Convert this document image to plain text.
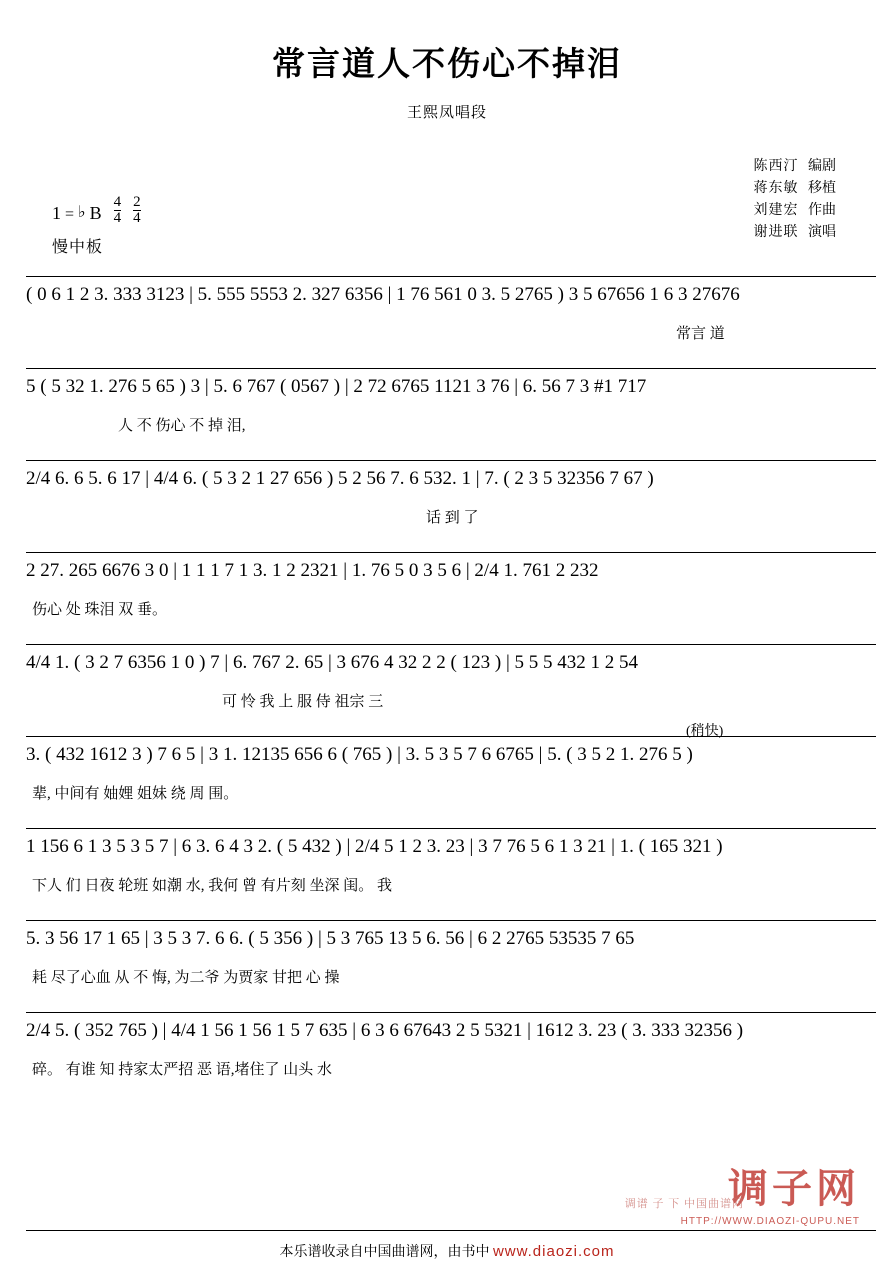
常言道人不伤心不掉泪
王熙凤唱段
陈西汀 编剧
蒋东敏 移植
刘建宏 作曲
谢进联 演唱
1 = ♭ B $\frac{4}{4} \frac{2}{4}$
慢中板
( 0 6 1 2 3. 333 3123 | 5. 555 5553 2. 327 6356 | 1 76 561 0 3. 5 2765 ) 3 5 67656 1 6 3 27676
常言 道
5 ( 5 32 1. 276 5 65 ) 3 | 5. 6 767 ( 0567 ) | 2 72 6765 1121 3 76 | 6. 56 7 3 #1 717
人 不 伤心 不 掉 泪,
2/4 6. 6 5. 6 17 | 4/4 6. ( 5 3 2 1 27 656 ) 5 2 56 7. 6 532. 1 | 7. ( 2 3 5 32356 7 67 )
话 到 了
2 27. 265 6676 3 0 | 1 1 1 7 1 3. 1 2 2321 | 1. 76 5 0 3 5 6 | 2/4 1. 761 2 232
伤心 处 珠泪 双 垂。
4/4 1. ( 3 2 7 6356 1 0 ) 7 | 6. 767 2. 65 | 3 676 4 32 2 2 ( 123 ) | 5 5 5 432 1 2 54
可 怜 我 上 服 侍 祖宗 三
(稍快)
3. ( 432 1612 3 ) 7 6 5 | 3 1. 12135 656 6 ( 765 ) | 3. 5 3 5 7 6 6765 | 5. ( 3 5 2 1. 276 5 )
辈, 中间有 妯娌 姐妹 绕 周 围。
1 156 6 1 3 5 3 5 7 | 6 3. 6 4 3 2. ( 5 432 ) | 2/4 5 1 2 3. 23 | 3 7 76 5 6 1 3 21 | 1. ( 165 321 )
下人 们 日夜 轮班 如潮 水, 我何 曾 有片刻 坐深 闺。 我
5. 3 56 17 1 65 | 3 5 3 7. 6 6. ( 5 356 ) | 5 3 765 13 5 6. 56 | 6 2 2765 53535 7 65
耗 尽了心血 从 不 悔, 为二爷 为贾家 甘把 心 操
2/4 5. ( 352 765 ) | 4/4 1 56 1 56 1 5 7 635 | 6 3 6 67643 2 5 5321 | 1612 3. 23 ( 3. 333 32356 )
碎。 有谁 知 持家太严招 恶 语,堵住了 山头 水
调子网
HTTP://WWW.DIAOZI-QUPU.NET
调谱 子 下 中国曲谱网
本乐谱收录自中国曲谱网，由书中 www.diaozi.com
